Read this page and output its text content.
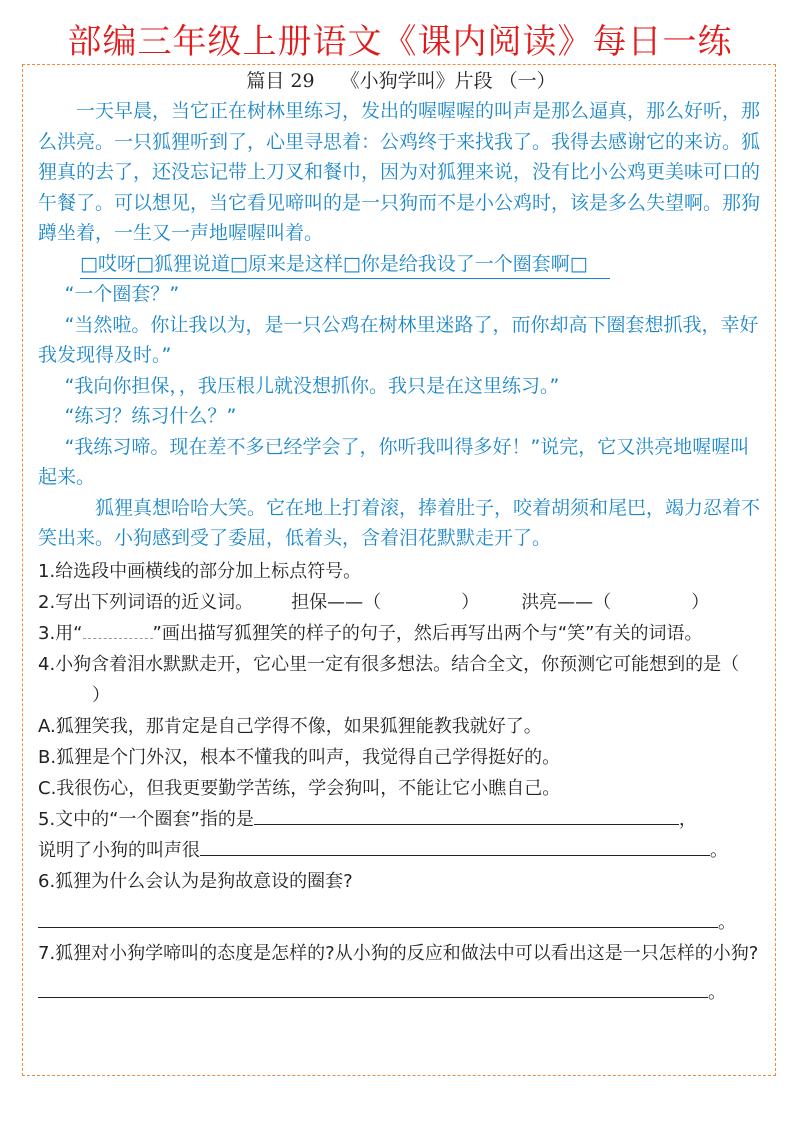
部编三年级上册语文《课内阅读》每日一练
篇目 29 《小狗学叫》片段 （一）

一天早晨，当它正在树林里练习，发出的喔喔喔的叫声是那么逼真，那么好听，那么洪亮。一只狐狸听到了，心里寻思着：公鸡终于来找我了。我得去感谢它的来访。狐狸真的去了，还没忘记带上刀叉和餐巾，因为对狐狸来说，没有比小公鸡更美味可口的午餐了。可以想见，当它看见啼叫的是一只狗而不是小公鸡时，该是多么失望啊。那狗蹲坐着，一生又一声地喔喔叫着。

□哎呀□狐狸说道□原来是这样□你是给我设了一个圈套啊□

“一个圈套？”

“当然啦。你让我以为，是一只公鸡在树林里迷路了，而你却高下圈套想抓我，幸好我发现得及时。”

“我向你担保，，我压根儿就没想抓你。我只是在这里练习。”

“练习？练习什么？”

“我练习啼。现在差不多已经学会了，你听我叫得多好！”说完，它又洪亮地喔喔叫起来。

狐狸真想哈哈大笑。它在地上打着滚，捧着肚子，咬着胡须和尾巴，竭力忍着不笑出来。小狗感到受了委屈，低着头，含着泪花默默走开了。

1.给选段中画横线的部分加上标点符号。

2.写出下列词语的近义词。 担保——（	） 洪亮——（	）

3.用“	”画出描写狐狸笑的样子的句子，然后再写出两个与“笑”有关的词语。

4.小狗含着泪水默默走开，它心里一定有很多想法。结合全文，你预测它可能想到的是（）

A.狐狸笑我，那肯定是自己学得不像，如果狐狸能教我就好了。

B.狐狸是个门外汉，根本不懂我的叫声，我觉得自己学得挺好的。

C.我很伤心，但我更要勤学苦练，学会狗叫，不能让它小瞧自己。

5.文中的“一个圈套”指的是	，
说明了小狗的叫声很	。

6.狐狸为什么会认为是狗故意设的圈套?

。

7.狐狸对小狗学啼叫的态度是怎样的?从小狗的反应和做法中可以看出这是一只怎样的小狗?

。
